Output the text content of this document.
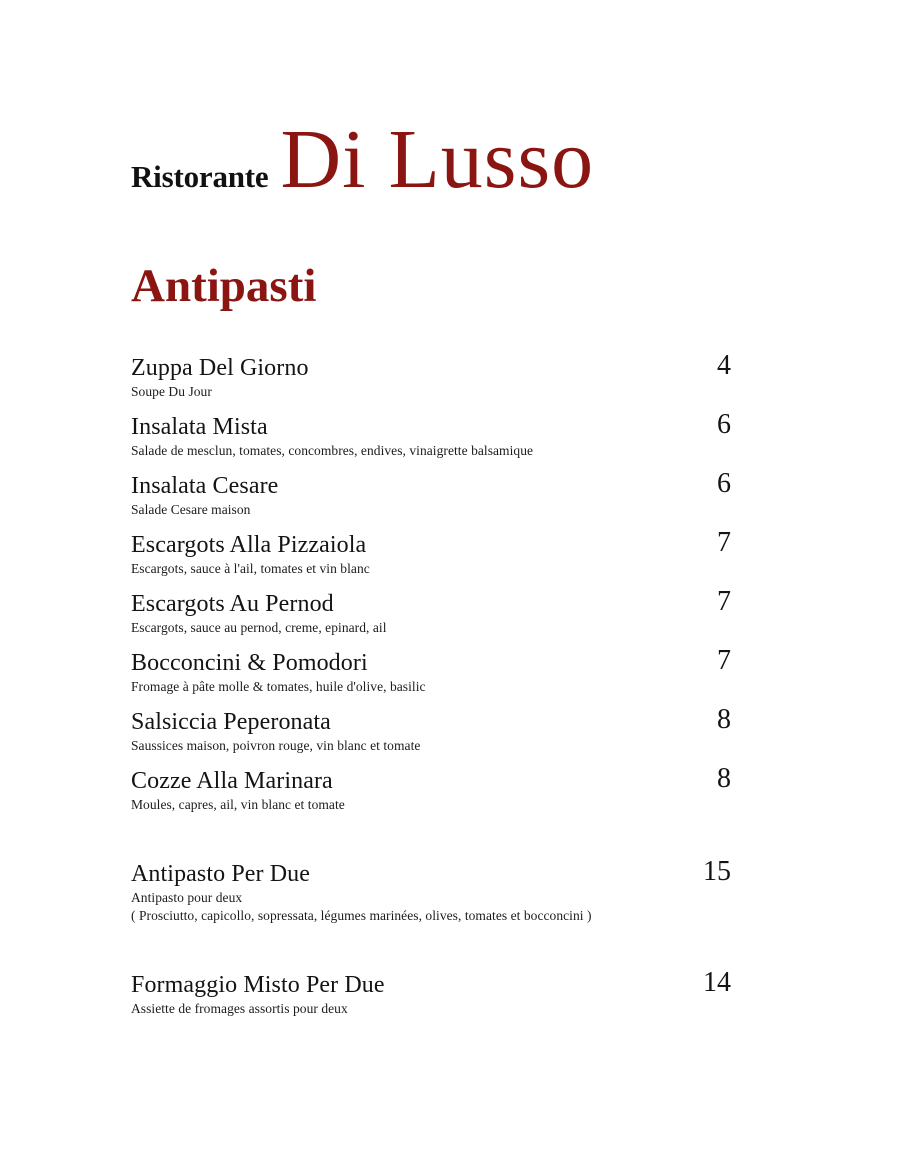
Ristorante Di Lusso
Antipasti
Zuppa Del Giorno	4
Soupe Du Jour
Insalata Mista	6
Salade de mesclun, tomates, concombres, endives, vinaigrette balsamique
Insalata Cesare	6
Salade Cesare maison
Escargots Alla Pizzaiola	7
Escargots, sauce à l'ail, tomates et vin blanc
Escargots Au Pernod	7
Escargots, sauce au pernod, creme, epinard, ail
Bocconcini & Pomodori	7
Fromage à pâte molle & tomates, huile d'olive, basilic
Salsiccia Peperonata	8
Saussices maison, poivron rouge, vin blanc et tomate
Cozze Alla Marinara	8
Moules, capres, ail, vin blanc et tomate
Antipasto Per Due	15
Antipasto pour deux
( Prosciutto, capicollo, sopressata, légumes marinées, olives, tomates et bocconcini )
Formaggio Misto Per Due	14
Assiette de fromages assortis pour deux
